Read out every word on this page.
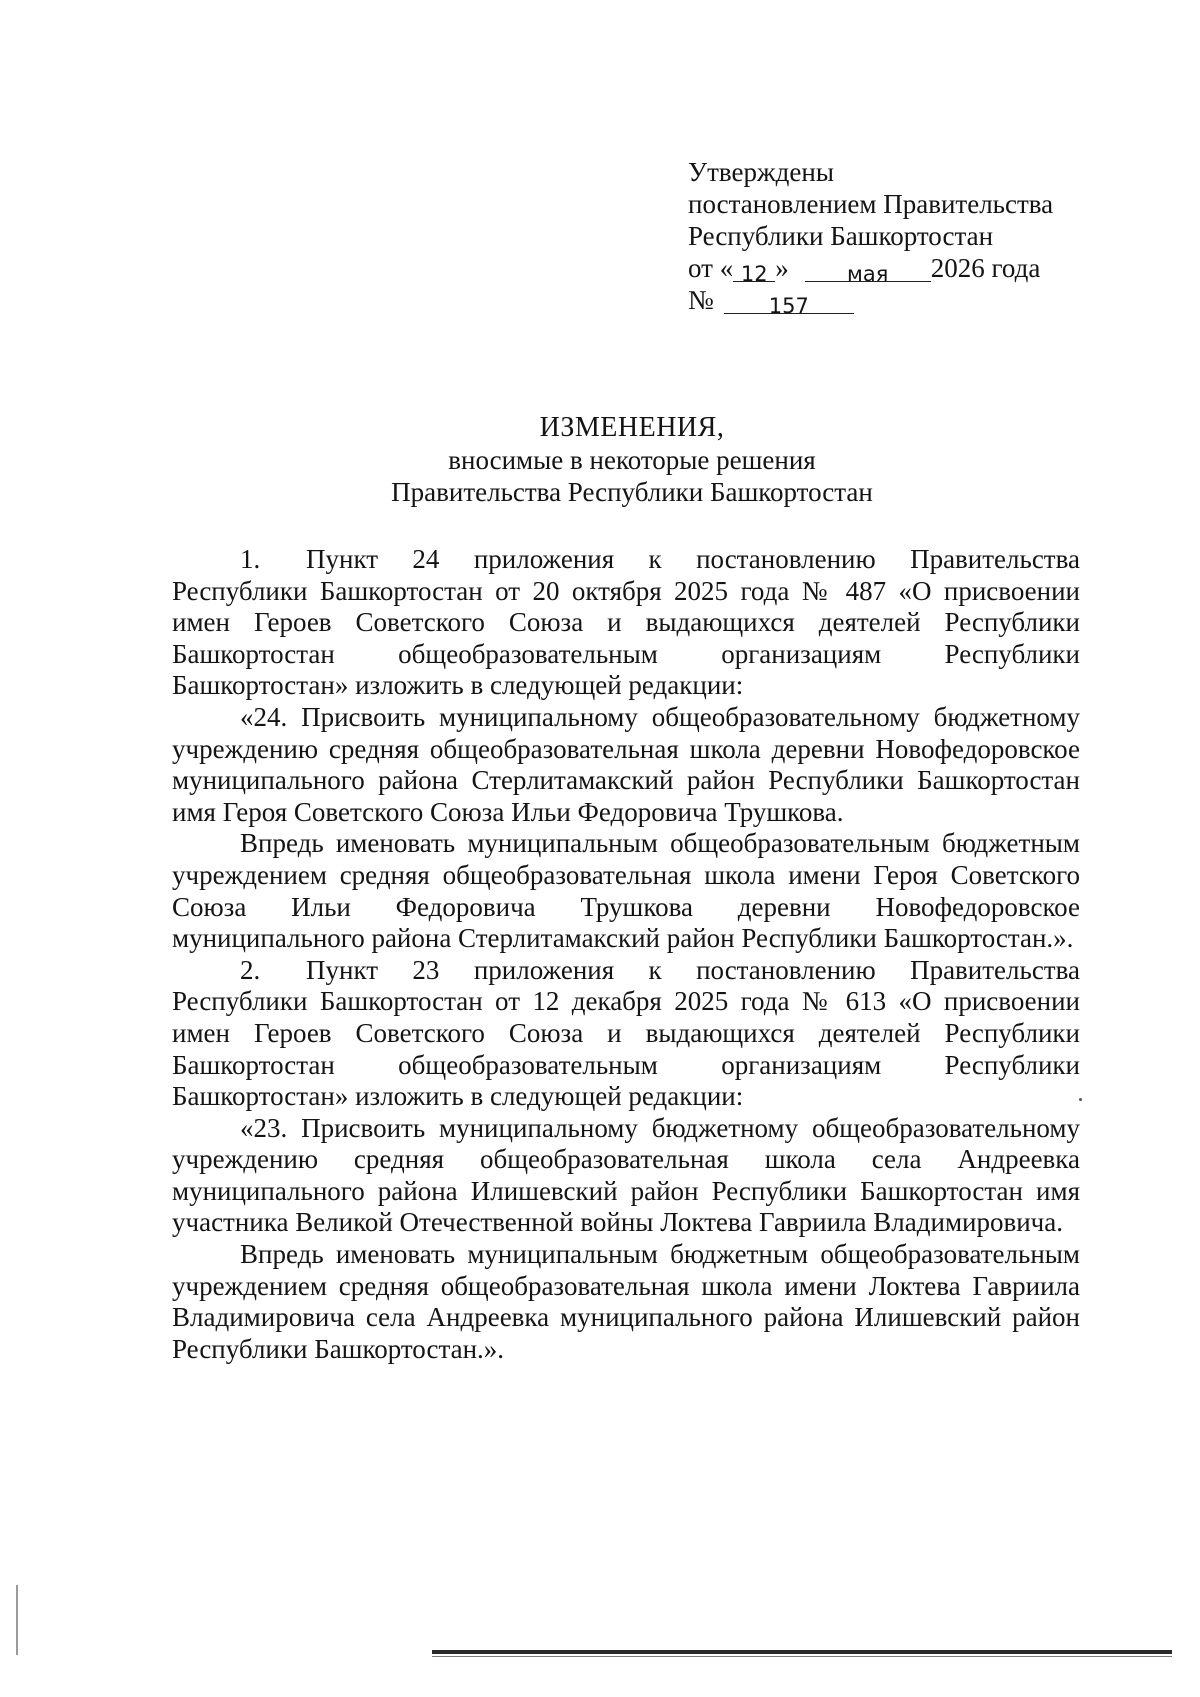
Утверждены
постановлением Правительства
Республики Башкортостан
от « 12 »	мая	2026 года
№	157
ИЗМЕНЕНИЯ,
вносимые в некоторые решения
Правительства Республики Башкортостан

1. Пункт 24 приложения к постановлению Правительства Республики Башкортостан от 20 октября 2025 года № 487 «О присвоении имен Героев Советского Союза и выдающихся деятелей Республики Башкортостан общеобразовательным организациям Республики Башкортостан» изложить в следующей редакции:

«24. Присвоить муниципальному общеобразовательному бюджетному учреждению средняя общеобразовательная школа деревни Новофедоровское муниципального района Стерлитамакский район Республики Башкортостан имя Героя Советского Союза Ильи Федоровича Трушкова.

Впредь именовать муниципальным общеобразовательным бюджетным учреждением средняя общеобразовательная школа имени Героя Советского Союза Ильи Федоровича Трушкова деревни Новофедоровское муниципального района Стерлитамакский район Республики Башкортостан.».

2. Пункт 23 приложения к постановлению Правительства Республики Башкортостан от 12 декабря 2025 года № 613 «О присвоении имен Героев Советского Союза и выдающихся деятелей Республики Башкортостан общеобразовательным организациям Республики Башкортостан» изложить в следующей редакции:

«23. Присвоить муниципальному бюджетному общеобразовательному учреждению средняя общеобразовательная школа села Андреевка муниципального района Илишевский район Республики Башкортостан имя участника Великой Отечественной войны Локтева Гавриила Владимировича.

Впредь именовать муниципальным бюджетным общеобразовательным учреждением средняя общеобразовательная школа имени Локтева Гавриила Владимировича села Андреевка муниципального района Илишевский район Республики Башкортостан.».
